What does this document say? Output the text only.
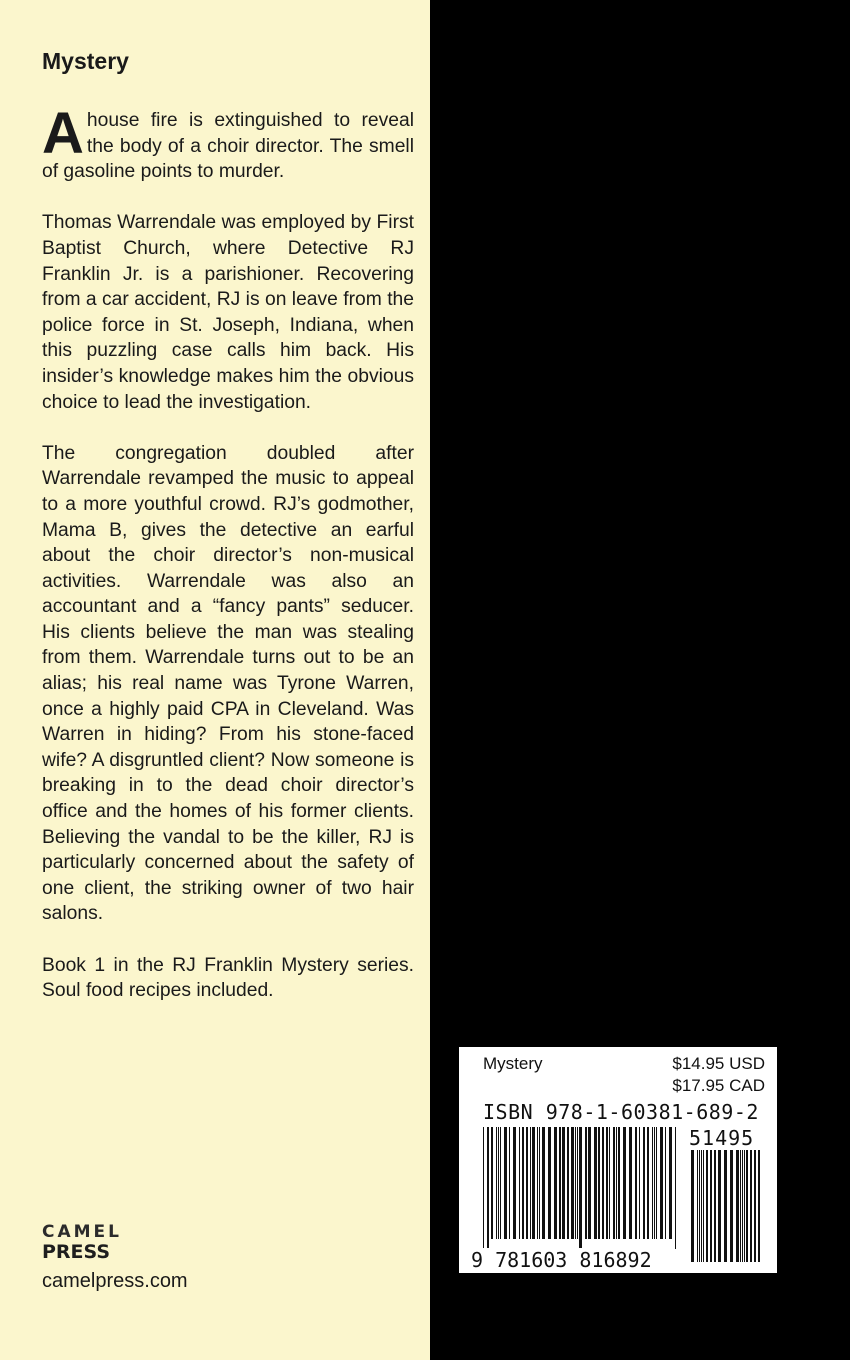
Mystery

Ahouse fire is extinguished to reveal the body of a choir director. The smell of gasoline points to murder.

Thomas Warrendale was employed by First Baptist Church, where Detective RJ Franklin Jr. is a parishioner. Recovering from a car accident, RJ is on leave from the police force in St. Joseph, Indiana, when this puzzling case calls him back. His insider’s knowledge makes him the obvious choice to lead the investigation.

The congregation doubled after Warrendale revamped the music to appeal to a more youthful crowd. RJ’s godmother, Mama B, gives the detective an earful about the choir director’s non-musical activities. Warrendale was also an accountant and a “fancy pants” seducer. His clients believe the man was stealing from them. Warrendale turns out to be an alias; his real name was Tyrone Warren, once a highly paid CPA in Cleveland. Was Warren in hiding? From his stone-faced wife? A disgruntled client? Now someone is breaking in to the dead choir director’s office and the homes of his former clients. Believing the vandal to be the killer, RJ is particularly concerned about the safety of one client, the striking owner of two hair salons.

Book 1 in the RJ Franklin Mystery series. Soul food recipes included.

CAMEL
PRESS
camelpress.com

“Sure to delight fans of Easy Rawlins. I loved watching RJ Franklin dodging well-meaning matchmakers and brazen women while trying to solve a murder.”

—Victoria Thompson, bestselling author of Murder On Union Square

“Three things: One, do not mess with Mama B. Two, do try the Sweet Potato Pie. And three, most definitely DO read V.M. Burns’s delicious Travellin’ Shoes. An engaging mystery, wonderful characters, a lovingly drawn setting, and recipes—what more could you want?”

—Kay Charles, author of the Marti Mickkleson mystery series

“Travellin’ Shoes introduces the world of RJ Franklin, an Indiana police detective who returns from leave to look into the murder of his church’s new choir director. RJ’s investigation takes him—and us—into the places that serve as the backbone of the urban community—the churches, the hair salons and, perhaps most importantly, the dinner table of the beloved local church women who know any- and everything. Throughout it all, Burns flawlessly mixes the best elements of both cozy mystery and police procedural before reaching a pitch-perfect crescendo worthy of a Sunday morning gospel choir.”

—Kellye Garrett, author of the Detective by Day mysteries

Mystery	$14.95 USD
$17.95 CAD
ISBN 978-1-60381-689-2
51495
9 781603 816892
